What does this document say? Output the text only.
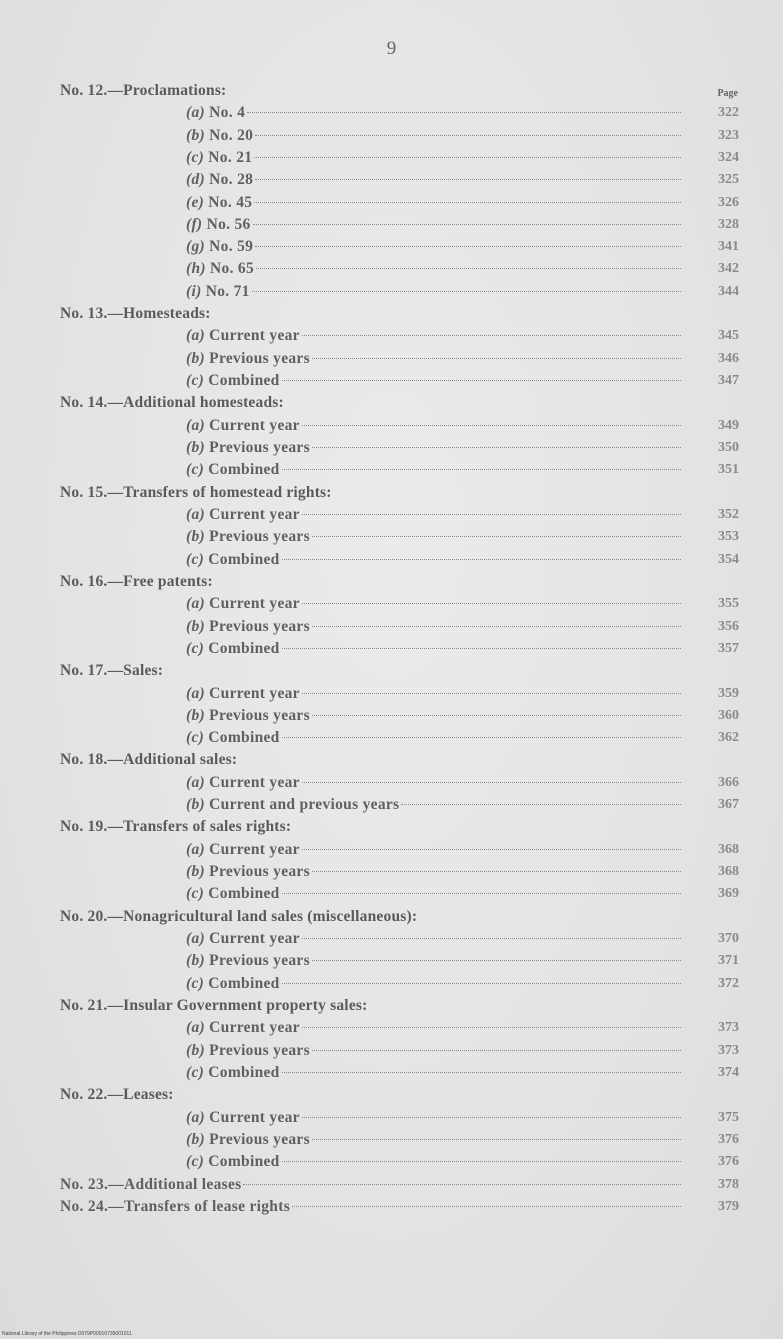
9
No. 12.—Proclamations:	Page
(a) No. 4	322
(b) No. 20	323
(c) No. 21	324
(d) No. 28	325
(e) No. 45	326
(f) No. 56	328
(g) No. 59	341
(h) No. 65	342
(i) No. 71	344
No. 13.—Homesteads:
(a) Current year	345
(b) Previous years	346
(c) Combined	347
No. 14.—Additional homesteads:
(a) Current year	349
(b) Previous years	350
(c) Combined	351
No. 15.—Transfers of homestead rights:
(a) Current year	352
(b) Previous years	353
(c) Combined	354
No. 16.—Free patents:
(a) Current year	355
(b) Previous years	356
(c) Combined	357
No. 17.—Sales:
(a) Current year	359
(b) Previous years	360
(c) Combined	362
No. 18.—Additional sales:
(a) Current year	366
(b) Current and previous years	367
No. 19.—Transfers of sales rights:
(a) Current year	368
(b) Previous years	368
(c) Combined	369
No. 20.—Nonagricultural land sales (miscellaneous):
(a) Current year	370
(b) Previous years	371
(c) Combined	372
No. 21.—Insular Government property sales:
(a) Current year	373
(b) Previous years	373
(c) Combined	374
No. 22.—Leases:
(a) Current year	375
(b) Previous years	376
(c) Combined	376
No. 23.—Additional leases	378
No. 24.—Transfers of lease rights	379
National Library of the Philippines D079P00010735001011
